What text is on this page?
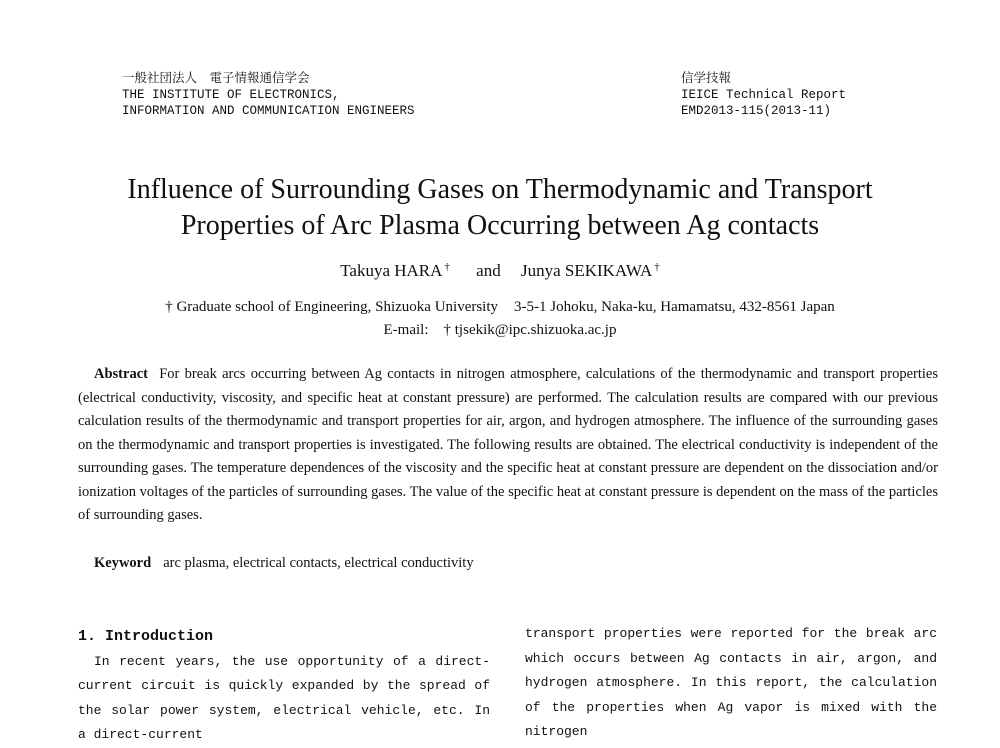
一般社団法人　電子情報通信学会
THE INSTITUTE OF ELECTRONICS,
INFORMATION AND COMMUNICATION ENGINEERS
信学技報
IEICE Technical Report
EMD2013-115(2013-11)
Influence of Surrounding Gases on Thermodynamic and Transport
Properties of Arc Plasma Occurring between Ag contacts
Takuya HARA † and Junya SEKIKAWA †
† Graduate school of Engineering, Shizuoka University 3-5-1 Johoku, Naka-ku, Hamamatsu, 432-8561 Japan
E-mail: † tjsekik@ipc.shizuoka.ac.jp
Abstract For break arcs occurring between Ag contacts in nitrogen atmosphere, calculations of the thermodynamic and transport properties (electrical conductivity, viscosity, and specific heat at constant pressure) are performed. The calculation results are compared with our previous calculation results of the thermodynamic and transport properties for air, argon, and hydrogen atmosphere. The influence of the surrounding gases on the thermodynamic and transport properties is investigated. The following results are obtained. The electrical conductivity is independent of the surrounding gases. The temperature dependences of the viscosity and the specific heat at constant pressure are dependent on the dissociation and/or ionization voltages of the particles of surrounding gases. The value of the specific heat at constant pressure is dependent on the mass of the particles of surrounding gases.
Keyword arc plasma, electrical contacts, electrical conductivity
1. Introduction

In recent years, the use opportunity of a direct-current circuit is quickly expanded by the spread of the solar power system, electrical vehicle, etc. In a direct-current

transport properties were reported for the break arc which occurs between Ag contacts in air, argon, and hydrogen atmosphere. In this report, the calculation of the properties when Ag vapor is mixed with the nitrogen
